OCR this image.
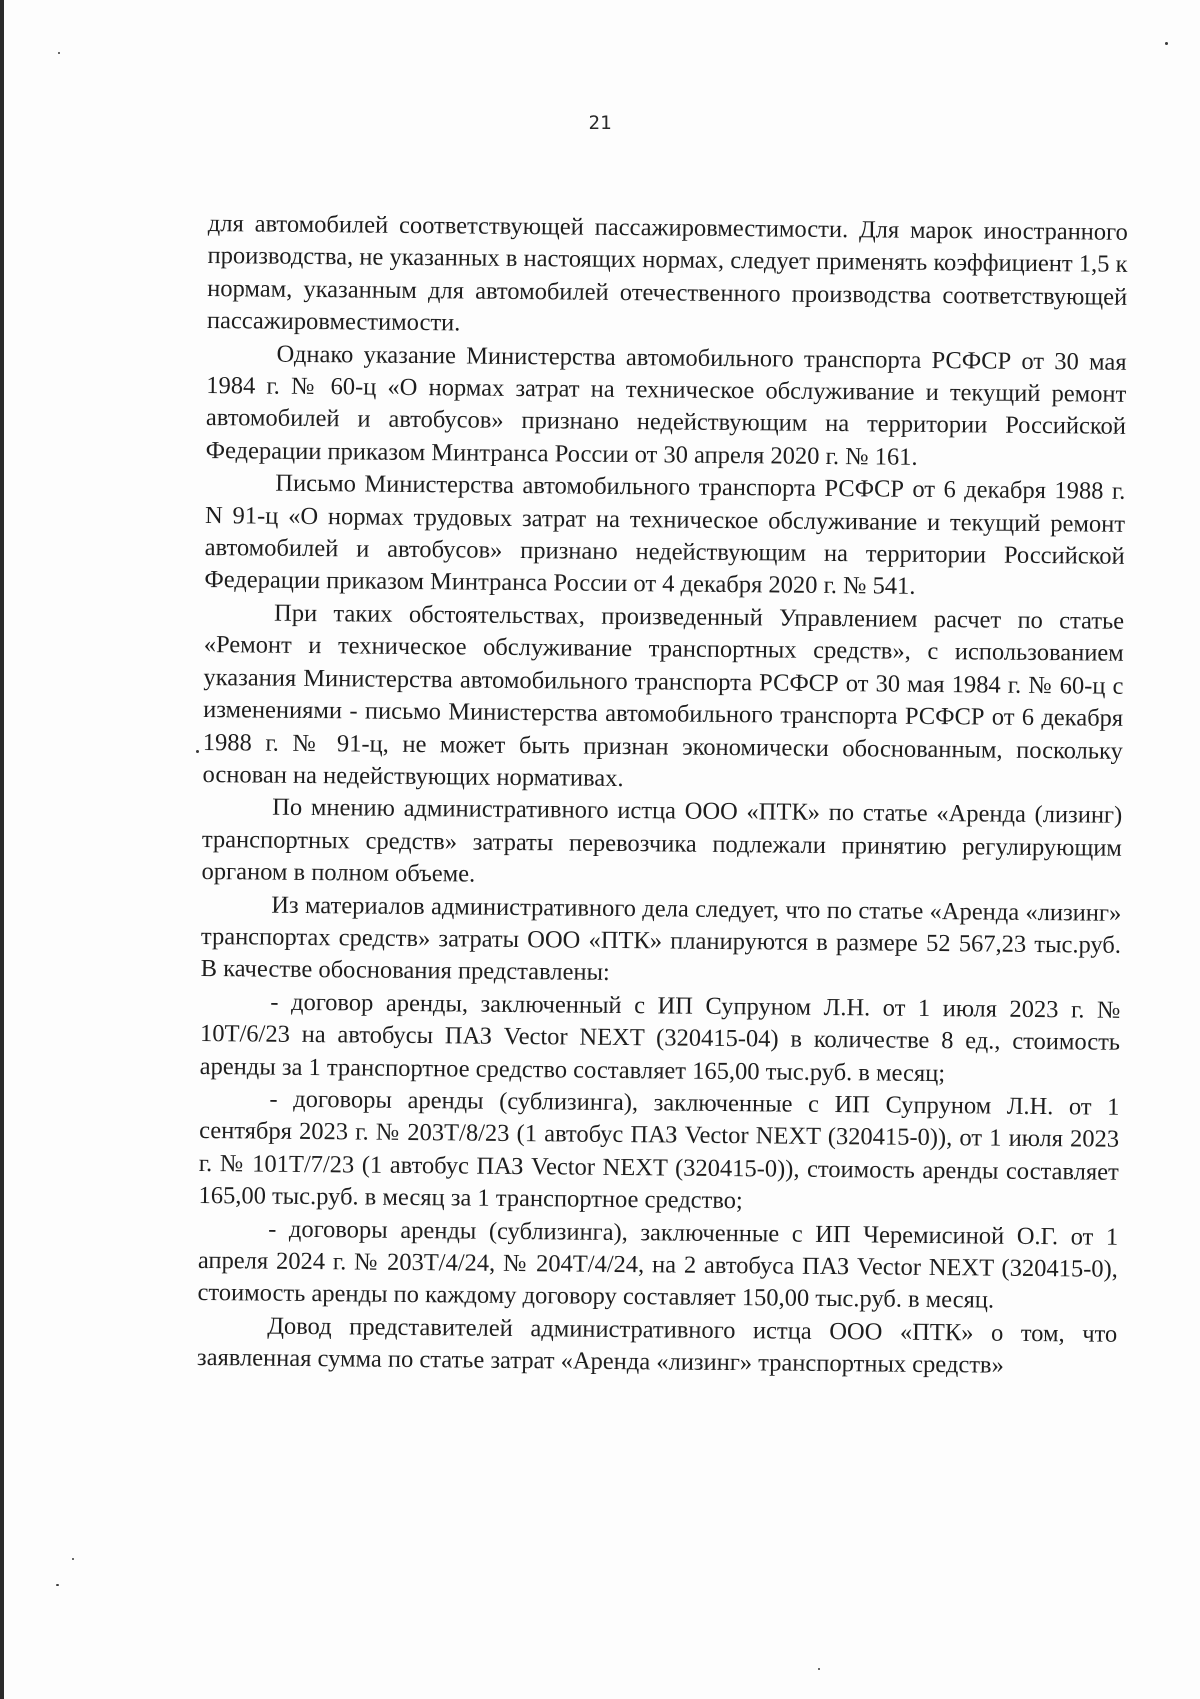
21

для автомобилей соответствующей пассажировместимости. Для марок иностранного производства, не указанных в настоящих нормах, следует применять коэффициент 1,5 к нормам, указанным для автомобилей отечественного производства соответствующей пассажировместимости.

Однако указание Министерства автомобильного транспорта РСФСР от 30 мая 1984 г. № 60-ц «О нормах затрат на техническое обслуживание и текущий ремонт автомобилей и автобусов» признано недействующим на территории Российской Федерации приказом Минтранса России от 30 апреля 2020 г. № 161.

Письмо Министерства автомобильного транспорта РСФСР от 6 декабря 1988 г. N 91-ц «О нормах трудовых затрат на техническое обслуживание и текущий ремонт автомобилей и автобусов» признано недействующим на территории Российской Федерации приказом Минтранса России от 4 декабря 2020 г. № 541.

При таких обстоятельствах, произведенный Управлением расчет по статье «Ремонт и техническое обслуживание транспортных средств», с использованием указания Министерства автомобильного транспорта РСФСР от 30 мая 1984 г. № 60-ц с изменениями - письмо Министерства автомобильного транспорта РСФСР от 6 декабря 1988 г. № 91-ц, не может быть признан экономически обоснованным, поскольку основан на недействующих нормативах.

По мнению административного истца ООО «ПТК» по статье «Аренда (лизинг) транспортных средств» затраты перевозчика подлежали принятию регулирующим органом в полном объеме.

Из материалов административного дела следует, что по статье «Аренда «лизинг» транспортах средств» затраты ООО «ПТК» планируются в размере 52 567,23 тыс.руб. В качестве обоснования представлены:

- договор аренды, заключенный с ИП Супруном Л.Н. от 1 июля 2023 г. № 10Т/6/23 на автобусы ПАЗ Vector NEXT (320415-04) в количестве 8 ед., стоимость аренды за 1 транспортное средство составляет 165,00 тыс.руб. в месяц;

- договоры аренды (сублизинга), заключенные с ИП Супруном Л.Н. от 1 сентября 2023 г. № 203Т/8/23 (1 автобус ПАЗ Vector NEXT (320415-0)), от 1 июля 2023 г. № 101Т/7/23 (1 автобус ПАЗ Vector NEXT (320415-0)), стоимость аренды составляет 165,00 тыс.руб. в месяц за 1 транспортное средство;

- договоры аренды (сублизинга), заключенные с ИП Черемисиной О.Г. от 1 апреля 2024 г. № 203Т/4/24, № 204Т/4/24, на 2 автобуса ПАЗ Vector NEXT (320415-0), стоимость аренды по каждому договору составляет 150,00 тыс.руб. в месяц.

Довод представителей административного истца ООО «ПТК» о том, что заявленная сумма по статье затрат «Аренда «лизинг» транспортных средств»
